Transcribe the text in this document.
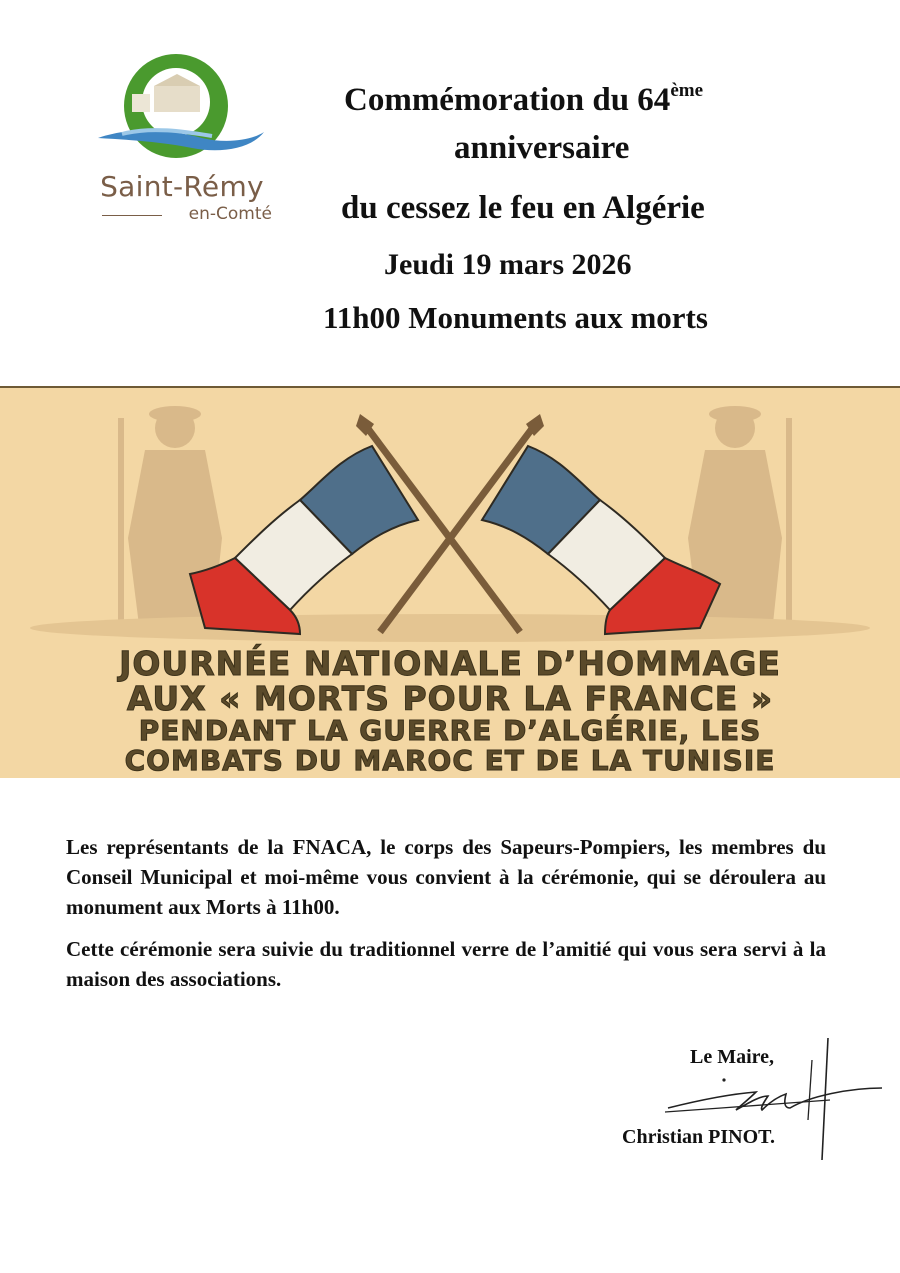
Saint-Rémy
en-Comté
Commémoration du 64ème
anniversaire
du cessez le feu en Algérie
Jeudi 19 mars 2026
11h00 Monuments aux morts
JOURNÉE NATIONALE D’HOMMAGE
AUX « MORTS POUR LA FRANCE »
PENDANT LA GUERRE D’ALGÉRIE, LES
COMBATS DU MAROC ET DE LA TUNISIE

Les représentants de la FNACA, le corps des Sapeurs-Pompiers, les membres du Conseil Municipal et moi-même vous convient à la cérémonie, qui se déroulera au monument aux Morts à 11h00.

Cette cérémonie sera suivie du traditionnel verre de l’amitié qui vous sera servi à la maison des associations.

Le Maire,
Christian PINOT.
